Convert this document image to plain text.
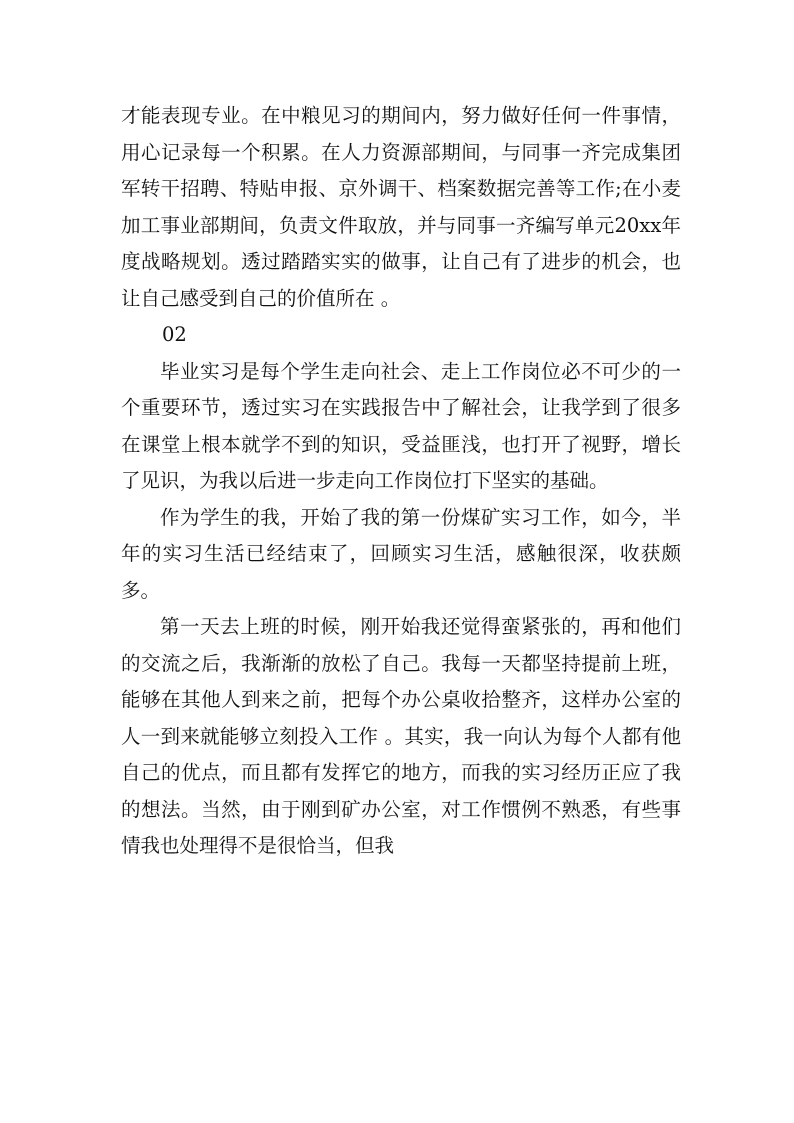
才能表现专业。在中粮见习的期间内，努力做好任何一件事情，用心记录每一个积累。在人力资源部期间，与同事一齐完成集团军转干招聘、特贴申报、京外调干、档案数据完善等工作;在小麦加工事业部期间，负责文件取放，并与同事一齐编写单元20xx年度战略规划。透过踏踏实实的做事，让自己有了进步的机会，也让自己感受到自己的价值所在 。

02

毕业实习是每个学生走向社会、走上工作岗位必不可少的一个重要环节，透过实习在实践报告中了解社会，让我学到了很多在课堂上根本就学不到的知识，受益匪浅，也打开了视野，增长了见识，为我以后进一步走向工作岗位打下坚实的基础。

作为学生的我，开始了我的第一份煤矿实习工作，如今，半年的实习生活已经结束了，回顾实习生活，感触很深，收获颇多。

第一天去上班的时候，刚开始我还觉得蛮紧张的，再和他们的交流之后，我渐渐的放松了自己。我每一天都坚持提前上班，能够在其他人到来之前，把每个办公桌收拾整齐，这样办公室的人一到来就能够立刻投入工作 。其实，我一向认为每个人都有他自己的优点，而且都有发挥它的地方，而我的实习经历正应了我的想法。当然，由于刚到矿办公室，对工作惯例不熟悉，有些事情我也处理得不是很恰当，但我
